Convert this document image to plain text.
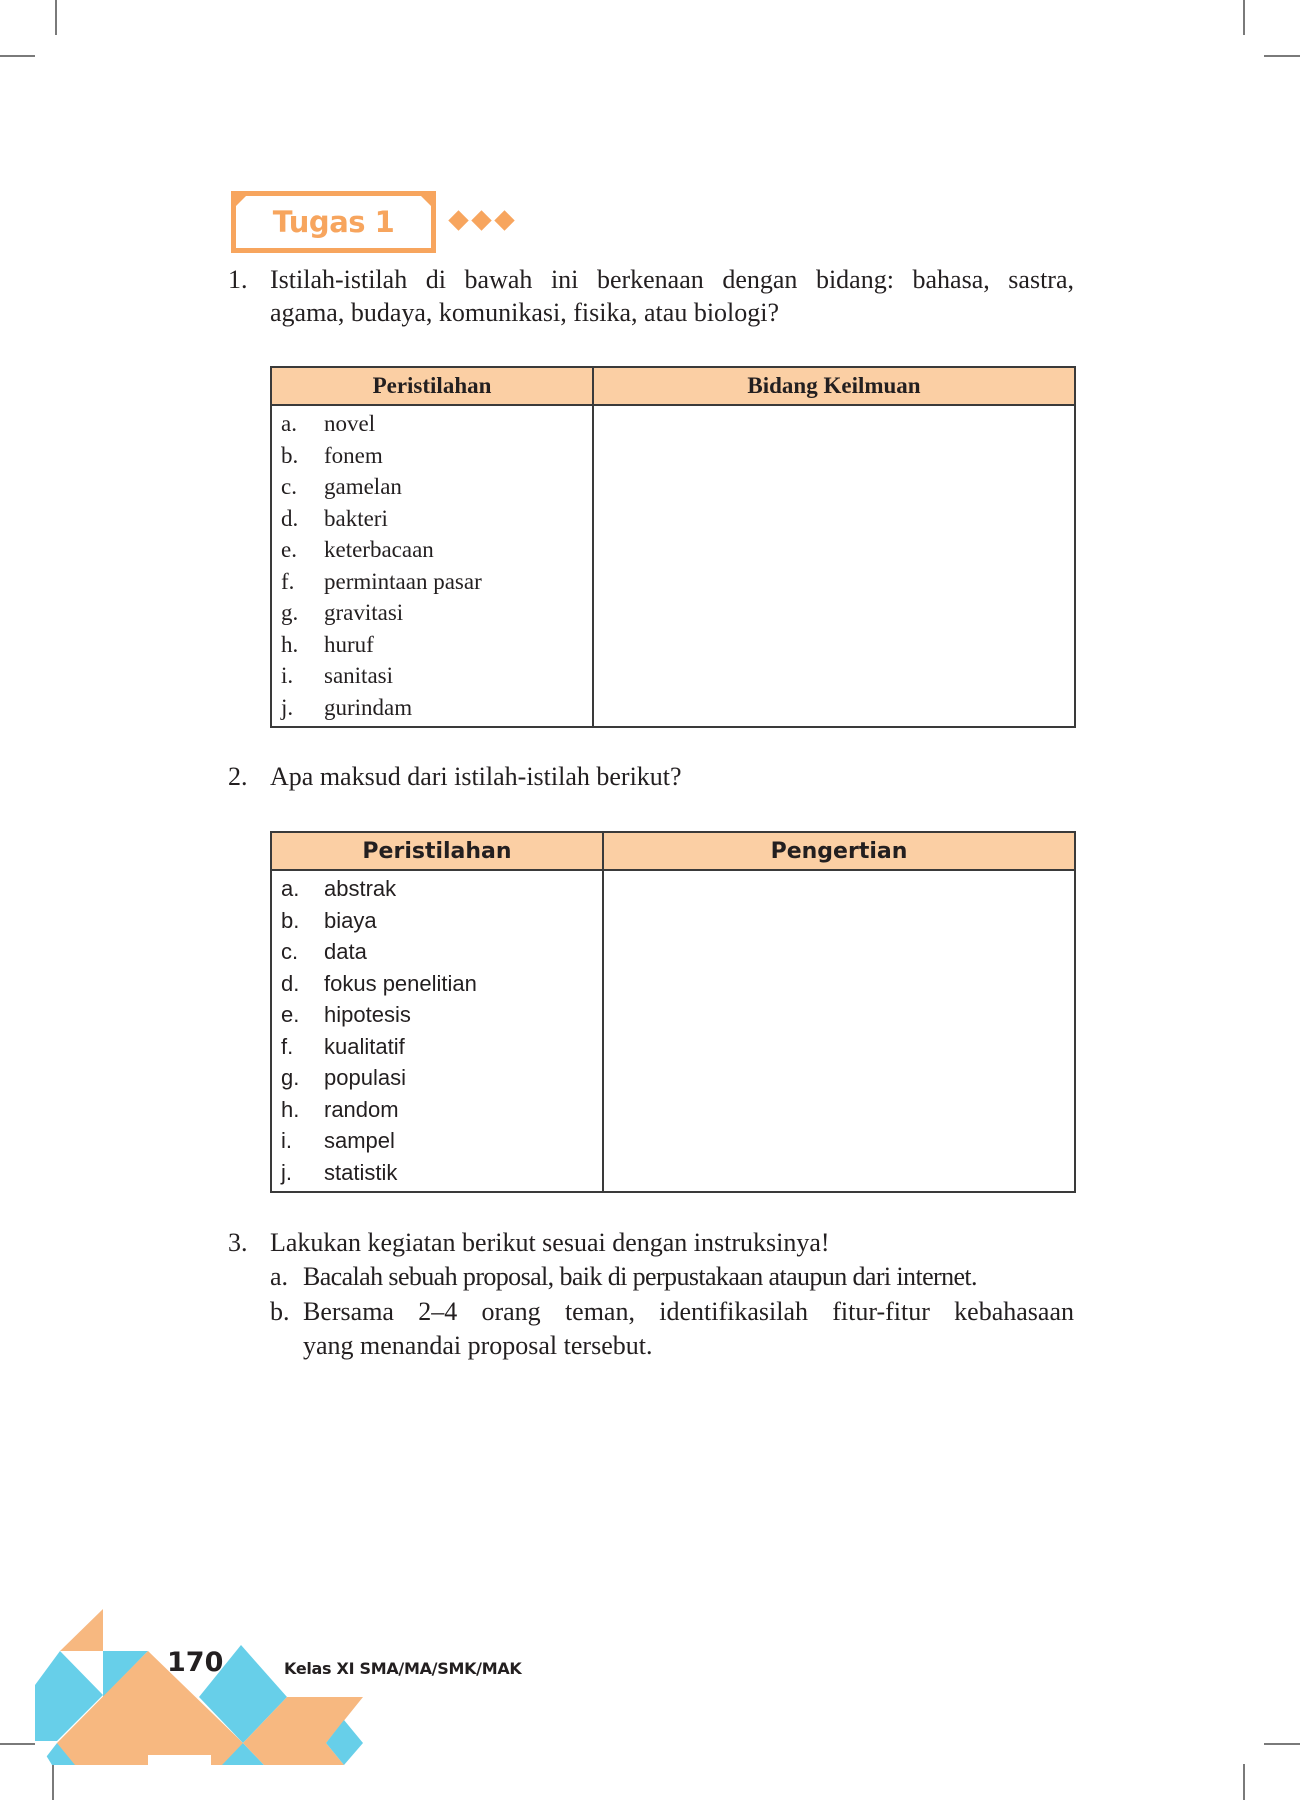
Tugas 1
1. Istilah-istilah di bawah ini berkenaan dengan bidang: bahasa, sastra,
agama, budaya, komunikasi, fisika, atau biologi?
Peristilahan	Bidang Keilmuan

a. novel
b. fonem
c. gamelan
d. bakteri
e. keterbacaan
f. permintaan pasar
g. gravitasi
h. huruf
i. sanitasi
j. gurindam

2. Apa maksud dari istilah-istilah berikut?
Peristilahan	Pengertian

a. abstrak
b. biaya
c. data
d. fokus penelitian
e. hipotesis
f. kualitatif
g. populasi
h. random
i. sampel
j. statistik

3. Lakukan kegiatan berikut sesuai dengan instruksinya!
a. Bacalah sebuah proposal, baik di perpustakaan ataupun dari internet.
b. Bersama 2–4 orang teman, identifikasilah fitur-fitur kebahasaan
yang menandai proposal tersebut.
170	Kelas XI SMA/MA/SMK/MAK
